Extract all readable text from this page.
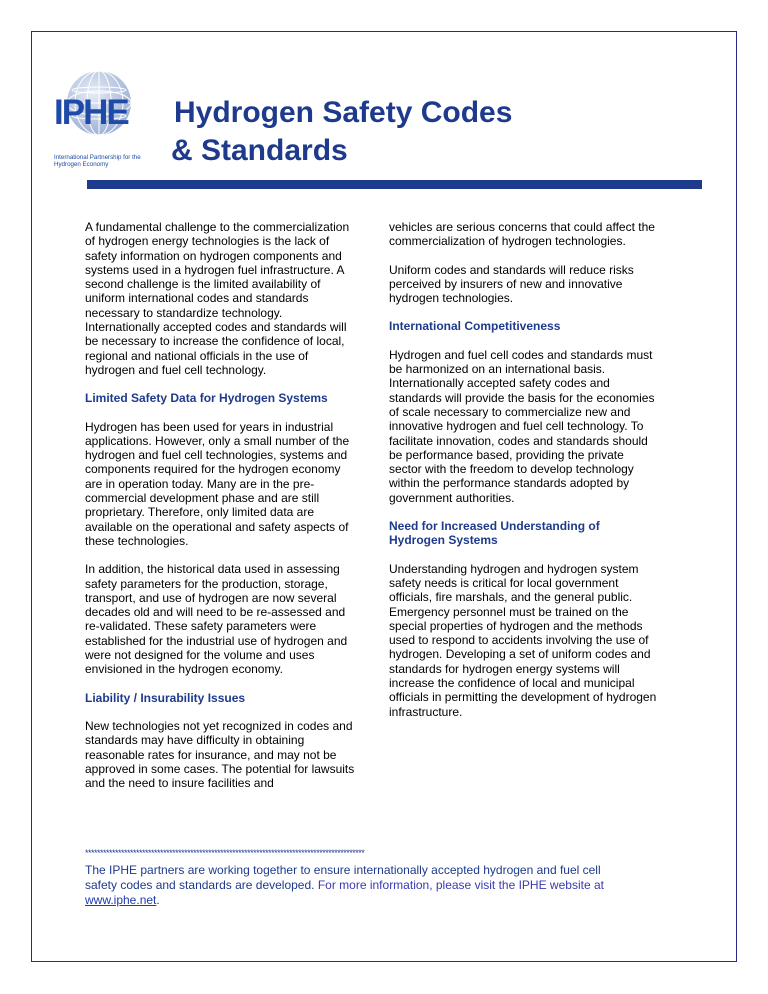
IPHE
International Partnership for the Hydrogen Economy
Hydrogen Safety Codes
& Standards

A fundamental challenge to the commercialization of hydrogen energy technologies is the lack of safety information on hydrogen components and systems used in a hydrogen fuel infrastructure. A second challenge is the limited availability of uniform international codes and standards necessary to standardize technology. Internationally accepted codes and standards will be necessary to increase the confidence of local, regional and national officials in the use of hydrogen and fuel cell technology.

Limited Safety Data for Hydrogen Systems

Hydrogen has been used for years in industrial applications. However, only a small number of the hydrogen and fuel cell technologies, systems and components required for the hydrogen economy are in operation today. Many are in the pre-commercial development phase and are still proprietary. Therefore, only limited data are available on the operational and safety aspects of these technologies.

In addition, the historical data used in assessing safety parameters for the production, storage, transport, and use of hydrogen are now several decades old and will need to be re-assessed and re-validated. These safety parameters were established for the industrial use of hydrogen and were not designed for the volume and uses envisioned in the hydrogen economy.

Liability / Insurability Issues

New technologies not yet recognized in codes and standards may have difficulty in obtaining reasonable rates for insurance, and may not be approved in some cases. The potential for lawsuits and the need to insure facilities and

vehicles are serious concerns that could affect the commercialization of hydrogen technologies.

Uniform codes and standards will reduce risks perceived by insurers of new and innovative hydrogen technologies.

International Competitiveness

Hydrogen and fuel cell codes and standards must be harmonized on an international basis. Internationally accepted safety codes and standards will provide the basis for the economies of scale necessary to commercialize new and innovative hydrogen and fuel cell technology. To facilitate innovation, codes and standards should be performance based, providing the private sector with the freedom to develop technology within the performance standards adopted by government authorities.

Need for Increased Understanding of Hydrogen Systems

Understanding hydrogen and hydrogen system safety needs is critical for local government officials, fire marshals, and the general public. Emergency personnel must be trained on the special properties of hydrogen and the methods used to respond to accidents involving the use of hydrogen. Developing a set of uniform codes and standards for hydrogen energy systems will increase the confidence of local and municipal officials in permitting the development of hydrogen infrastructure.

*********************************************************************************************
The IPHE partners are working together to ensure internationally accepted hydrogen and fuel cell safety codes and standards are developed. For more information, please visit the IPHE website at www.iphe.net.
